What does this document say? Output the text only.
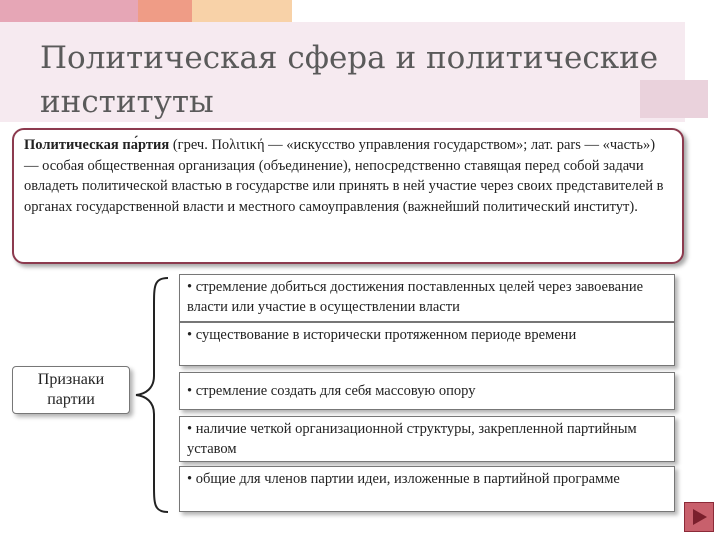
Политическая сфера и политические институты
Политическая па́ртия (греч. Πολιτική — «искусство управления государством»; лат. pars — «часть») — особая общественная организация (объединение), непосредственно ставящая перед собой задачи овладеть политической властью в государстве или принять в ней участие через своих представителей в органах государственной власти и местного самоуправления (важнейший политический институт).
Признаки
партии
• стремление добиться достижения поставленных целей через завоевание власти или участие в осуществлении власти
• существование в исторически протяженном периоде времени
• стремление создать для себя массовую опору
• наличие четкой организационной структуры, закрепленной партийным уставом
• общие для членов партии идеи, изложенные в партийной программе
